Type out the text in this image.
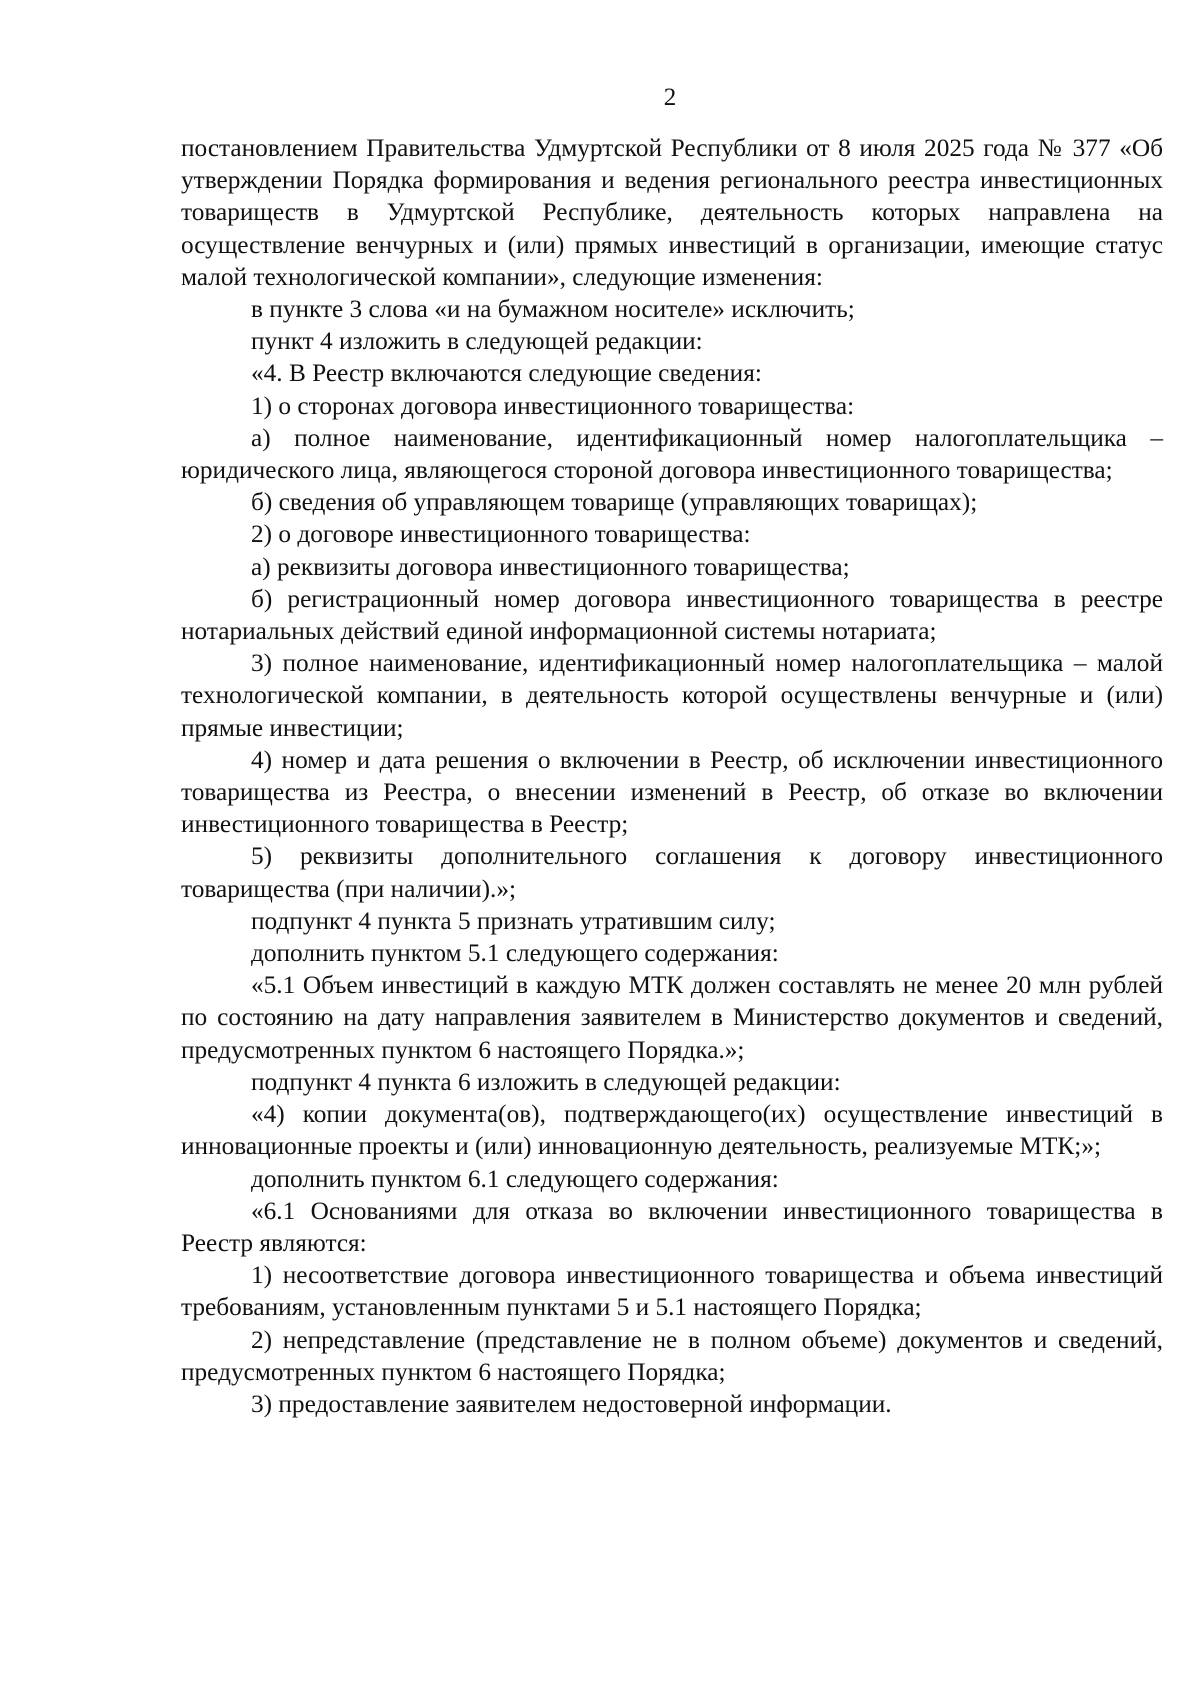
2

постановлением Правительства Удмуртской Республики от 8 июля 2025 года № 377 «Об утверждении Порядка формирования и ведения регионального реестра инвестиционных товариществ в Удмуртской Республике, деятельность которых направлена на осуществление венчурных и (или) прямых инвестиций в организации, имеющие статус малой технологической компании», следующие изменения:

в пункте 3 слова «и на бумажном носителе» исключить;

пункт 4 изложить в следующей редакции:

«4. В Реестр включаются следующие сведения:

1) о сторонах договора инвестиционного товарищества:

а) полное наименование, идентификационный номер налогоплательщика – юридического лица, являющегося стороной договора инвестиционного товарищества;

б) сведения об управляющем товарище (управляющих товарищах);

2) о договоре инвестиционного товарищества:

а) реквизиты договора инвестиционного товарищества;

б) регистрационный номер договора инвестиционного товарищества в реестре нотариальных действий единой информационной системы нотариата;

3) полное наименование, идентификационный номер налогоплательщика – малой технологической компании, в деятельность которой осуществлены венчурные и (или) прямые инвестиции;

4) номер и дата решения о включении в Реестр, об исключении инвестиционного товарищества из Реестра, о внесении изменений в Реестр, об отказе во включении инвестиционного товарищества в Реестр;

5) реквизиты дополнительного соглашения к договору инвестиционного товарищества (при наличии).»;

подпункт 4 пункта 5 признать утратившим силу;

дополнить пунктом 5.1 следующего содержания:

«5.1 Объем инвестиций в каждую МТК должен составлять не менее 20 млн рублей по состоянию на дату направления заявителем в Министерство документов и сведений, предусмотренных пунктом 6 настоящего Порядка.»;

подпункт 4 пункта 6 изложить в следующей редакции:

«4) копии документа(ов), подтверждающего(их) осуществление инвестиций в инновационные проекты и (или) инновационную деятельность, реализуемые МТК;»;

дополнить пунктом 6.1 следующего содержания:

«6.1 Основаниями для отказа во включении инвестиционного товарищества в Реестр являются:

1) несоответствие договора инвестиционного товарищества и объема инвестиций требованиям, установленным пунктами 5 и 5.1 настоящего Порядка;

2) непредставление (представление не в полном объеме) документов и сведений, предусмотренных пунктом 6 настоящего Порядка;

3) предоставление заявителем недостоверной информации.
